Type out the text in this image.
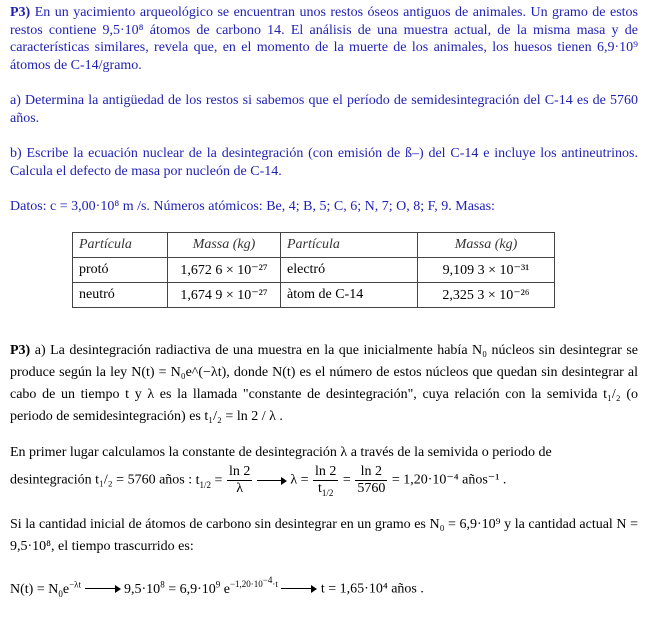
P3) En un yacimiento arqueológico se encuentran unos restos óseos antiguos de animales. Un gramo de estos restos contiene 9,5·10⁸ átomos de carbono 14. El análisis de una muestra actual, de la misma masa y de características similares, revela que, en el momento de la muerte de los animales, los huesos tienen 6,9·10⁹ átomos de C-14/gramo.
a) Determina la antigüedad de los restos si sabemos que el período de semidesintegración del C-14 es de 5760 años.
b) Escribe la ecuación nuclear de la desintegración (con emisión de ß–) del C-14 e incluye los antineutrinos. Calcula el defecto de masa por nucleón de C-14.
Datos: c = 3,00·10⁸ m /s. Números atómicos: Be, 4; B, 5; C, 6; N, 7; O, 8; F, 9. Masas:
Partícula	Massa (kg)	Partícula	Massa (kg)
protó	1,672 6 × 10⁻²⁷	electró	9,109 3 × 10⁻³¹
neutró	1,674 9 × 10⁻²⁷	àtom de C-14	2,325 3 × 10⁻²⁶
P3) a) La desintegración radiactiva de una muestra en la que inicialmente había N₀ núcleos sin desintegrar se produce según la ley N(t) = N₀e^(−λt), donde N(t) es el número de estos núcleos que quedan sin desintegrar al cabo de un tiempo t y λ es la llamada "constante de desintegración", cuya relación con la semivida t₁/₂ (o periodo de semidesintegración) es t₁/₂ = ln 2 / λ .
En primer lugar calculamos la constante de desintegración λ a través de la semivida o periodo de
desintegración t₁/₂ = 5760 años : $t_{1/2} = \frac{\ln 2}{\lambda}$	$\lambda = \frac{\ln 2}{t_{1/2}} = \frac{\ln 2}{5760} = 1,20\cdot 10^{-4}$ años⁻¹ .
Si la cantidad inicial de átomos de carbono sin desintegrar en un gramo es N₀ = 6,9·10⁹ y la cantidad actual N = 9,5·10⁸, el tiempo trascurrido es:
$N(t) = N_0e^{-\lambda t}$	$9,5\cdot 10^8 = 6,9\cdot 10^9$ $e^{-1,20\cdot 10^{-4}\cdot t}$	t = 1,65·10⁴ años .
